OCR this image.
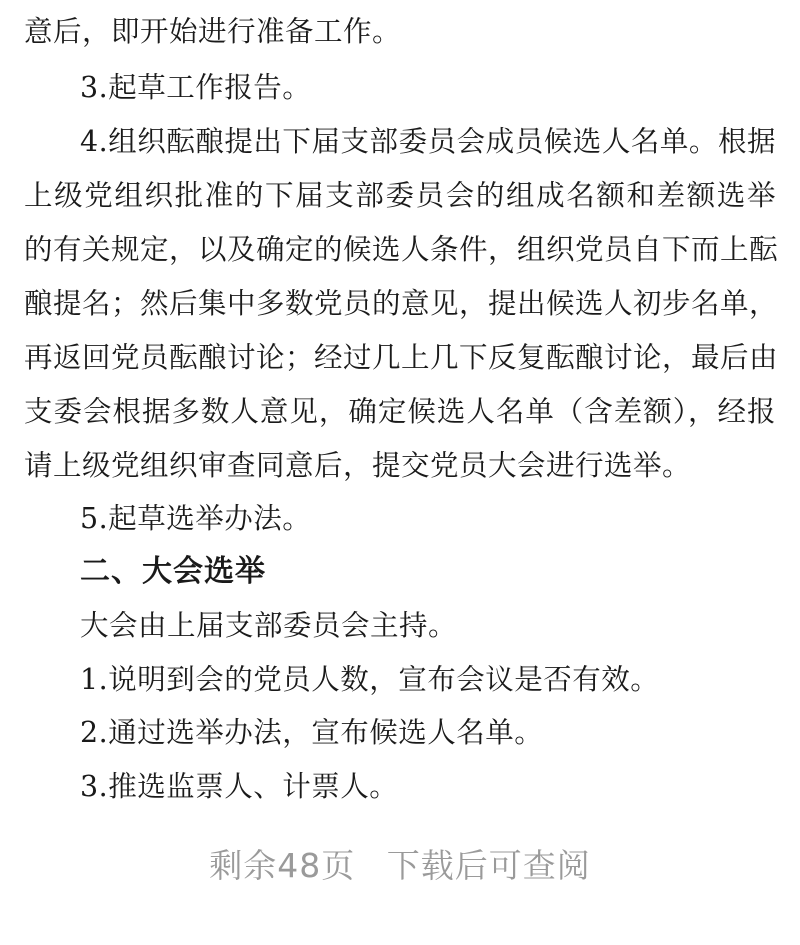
意后，即开始进行准备工作。
3.起草工作报告。
4.组织酝酿提出下届支部委员会成员候选人名单。根据
上级党组织批准的下届支部委员会的组成名额和差额选举
的有关规定，以及确定的候选人条件，组织党员自下而上酝
酿提名；然后集中多数党员的意见，提出候选人初步名单，
再返回党员酝酿讨论；经过几上几下反复酝酿讨论，最后由
支委会根据多数人意见，确定候选人名单（含差额），经报
请上级党组织审查同意后，提交党员大会进行选举。
5.起草选举办法。
二、大会选举
大会由上届支部委员会主持。
1.说明到会的党员人数，宣布会议是否有效。
2.通过选举办法，宣布候选人名单。
3.推选监票人、计票人。
剩余48页 下载后可查阅
